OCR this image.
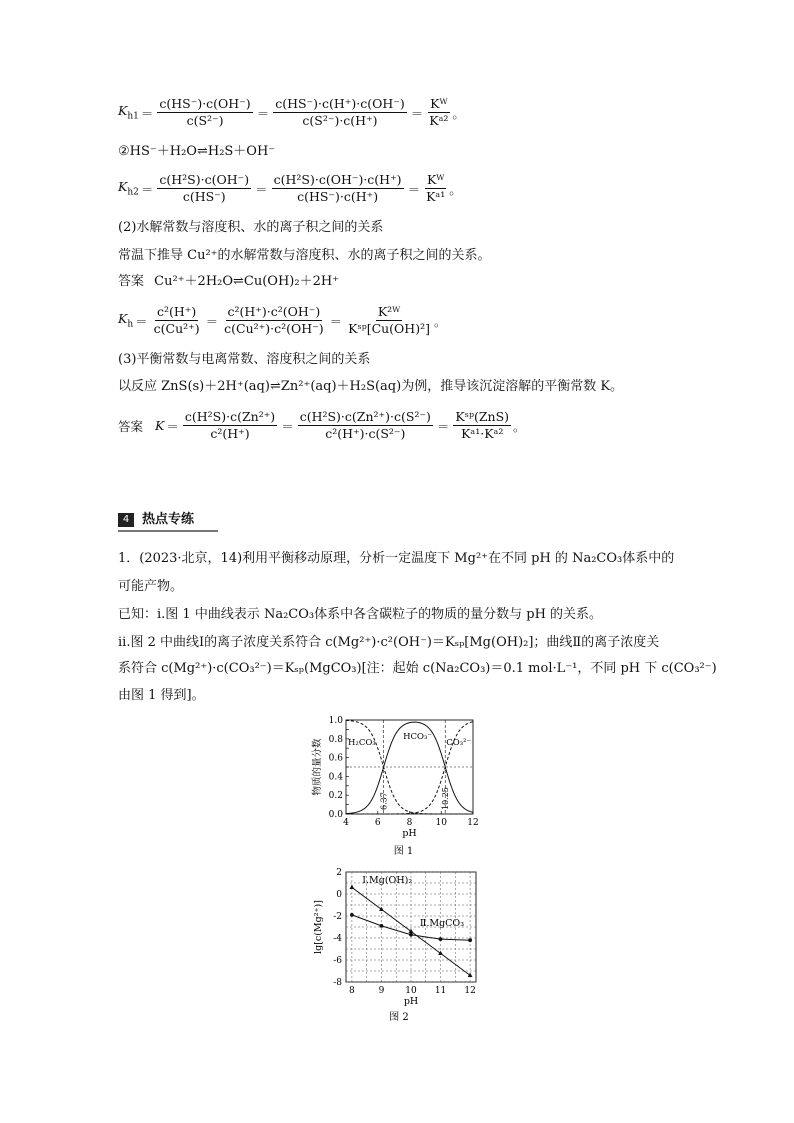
$K_{h1} = \frac{c(HS^-)\cdot c(OH^-)}{\text{c(S²⁻)}} = \frac{c(HS^-)\cdot c(H^+)\cdot c(OH^-)}{\text{c(S²⁻)·c(H⁺)}} = \frac{\text{Kᵂ}}{\text{Kᵃ²}}$ 。
②HS⁻＋H₂O⇌H₂S＋OH⁻
$K_{h2} = \frac{\text{c(H²S)·c(OH⁻)}}{c(HS^-)} = \frac{\text{c(H²S)·c(OH⁻)·c(H⁺)}}{c(HS^-)\cdot c(H^+)} = \frac{\text{Kᵂ}}{\text{Kᵃ¹}}$ 。
(2)水解常数与溶度积、水的离子积之间的关系
常温下推导 Cu²⁺的水解常数与溶度积、水的离子积之间的关系。
答案 Cu²⁺＋2H₂O⇌Cu(OH)₂＋2H⁺
$K_h = \frac{\text{c²(H⁺)}}{\text{c(Cu²⁺)}} = \frac{\text{c²(H⁺)·c²(OH⁻)}}{\text{c(Cu²⁺)·c²(OH⁻)}} = \frac{\text{K²ᵂ}}{\text{Kˢᵖ[Cu(OH)²]}}$ 。
(3)平衡常数与电离常数、溶度积之间的关系
以反应 ZnS(s)＋2H⁺(aq)⇌Zn²⁺(aq)＋H₂S(aq)为例，推导该沉淀溶解的平衡常数 K。
答案 $K = \frac{\text{c(H²S)·c(Zn²⁺)}}{\text{c²(H⁺)}} = \frac{\text{c(H²S)·c(Zn²⁺)·c(S²⁻)}}{\text{c²(H⁺)·c(S²⁻)}} = \frac{\text{Kˢᵖ(ZnS)}}{\text{Kᵃ¹·Kᵃ²}}$ 。
4 热点专练
1．(2023·北京，14)利用平衡移动原理，分析一定温度下 Mg²⁺在不同 pH 的 Na₂CO₃体系中的
可能产物。
已知：i.图 1 中曲线表示 Na₂CO₃体系中各含碳粒子的物质的量分数与 pH 的关系。
ii.图 2 中曲线Ⅰ的离子浓度关系符合 c(Mg²⁺)·c²(OH⁻)＝Kₛₚ[Mg(OH)₂]；曲线Ⅱ的离子浓度关
系符合 c(Mg²⁺)·c(CO₃²⁻)＝Kₛₚ(MgCO₃)[注：起始 c(Na₂CO₃)＝0.1 mol·L⁻¹，不同 pH 下 c(CO₃²⁻)
由图 1 得到]。
0.0
0.2
0.4
0.6
0.8
1.0
4	6	8	10 12
6.37	10.25
H₂CO₃
HCO₃⁻
CO₃²⁻
物质的量分数
pH
图 1
2
0
-2
-4
-6
-8
8	9 10 11 12
Ⅰ.Mg(OH)₂
Ⅱ.MgCO₃
lg[c(Mg²⁺)]
pH
图 2
